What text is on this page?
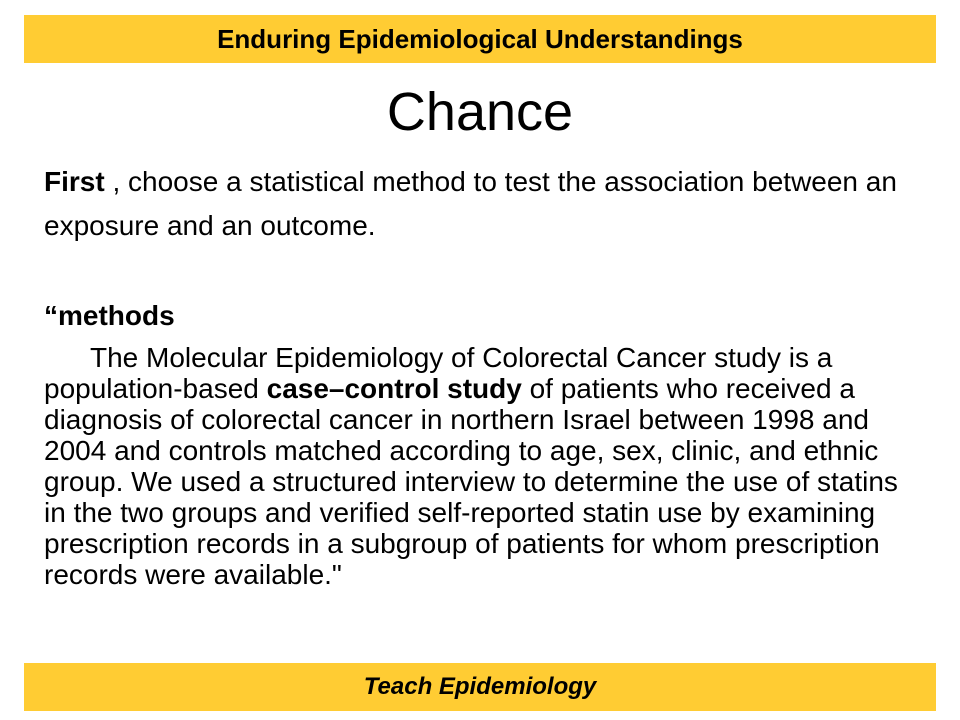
Enduring Epidemiological Understandings
Chance
First , choose a statistical method to test the association between an exposure and an outcome.
“methods
The Molecular Epidemiology of Colorectal Cancer study is a population-based case–control study of patients who received a diagnosis of colorectal cancer in northern Israel between 1998 and 2004 and controls matched according to age, sex, clinic, and ethnic group. We used a structured interview to determine the use of statins in the two groups and verified self-reported statin use by examining prescription records in a subgroup of patients for whom prescription records were available."
Teach Epidemiology
